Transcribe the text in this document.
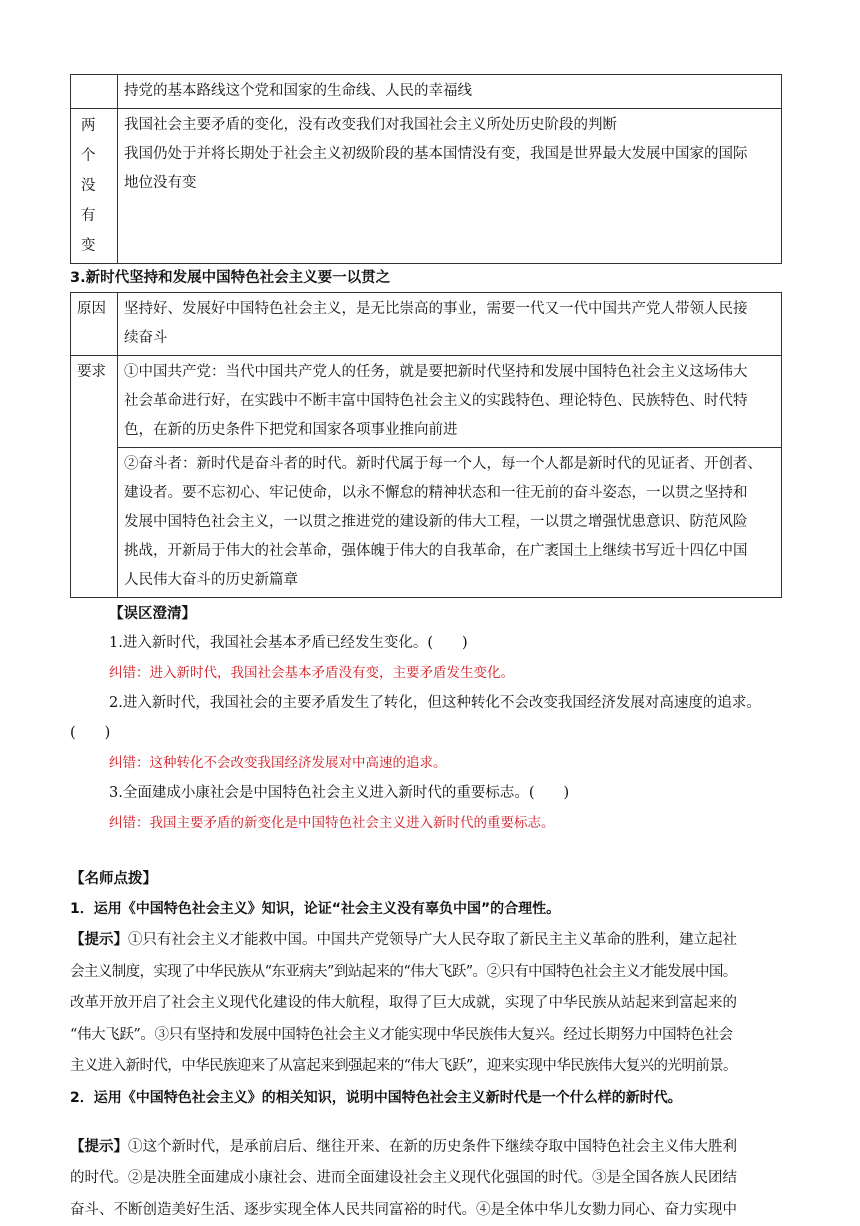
	持党的基本路线这个党和国家的生命线、人民的幸福线

两个没有变	我国社会主要矛盾的变化，没有改变我们对我国社会主义所处历史阶段的判断
我国仍处于并将长期处于社会主义初级阶段的基本国情没有变，我国是世界最大发展中国家的国际
地位没有变
3.新时代坚持和发展中国特色社会主义要一以贯之
原因	坚持好、发展好中国特色社会主义，是无比崇高的事业，需要一代又一代中国共产党人带领人民接
续奋斗

要求	①中国共产党：当代中国共产党人的任务，就是要把新时代坚持和发展中国特色社会主义这场伟大
社会革命进行好，在实践中不断丰富中国特色社会主义的实践特色、理论特色、民族特色、时代特
色，在新的历史条件下把党和国家各项事业推向前进

	②奋斗者：新时代是奋斗者的时代。新时代属于每一个人，每一个人都是新时代的见证者、开创者、
建设者。要不忘初心、牢记使命，以永不懈怠的精神状态和一往无前的奋斗姿态，一以贯之坚持和
发展中国特色社会主义，一以贯之推进党的建设新的伟大工程，一以贯之增强忧患意识、防范风险
挑战，开新局于伟大的社会革命，强体魄于伟大的自我革命，在广袤国土上继续书写近十四亿中国
人民伟大奋斗的历史新篇章
【误区澄清】
1.进入新时代，我国社会基本矛盾已经发生变化。(　　)
纠错：进入新时代，我国社会基本矛盾没有变，主要矛盾发生变化。
2.进入新时代，我国社会的主要矛盾发生了转化，但这种转化不会改变我国经济发展对高速度的追求。
(　　)
纠错：这种转化不会改变我国经济发展对中高速的追求。
3.全面建成小康社会是中国特色社会主义进入新时代的重要标志。(　　)
纠错：我国主要矛盾的新变化是中国特色社会主义进入新时代的重要标志。
【名师点拨】
1．运用《中国特色社会主义》知识，论证“社会主义没有辜负中国”的合理性。
【提示】①只有社会主义才能救中国。中国共产党领导广大人民夺取了新民主主义革命的胜利，建立起社
会主义制度，实现了中华民族从“东亚病夫”到站起来的“伟大飞跃”。②只有中国特色社会主义才能发展中国。
改革开放开启了社会主义现代化建设的伟大航程，取得了巨大成就，实现了中华民族从站起来到富起来的
“伟大飞跃”。③只有坚持和发展中国特色社会主义才能实现中华民族伟大复兴。经过长期努力中国特色社会
主义进入新时代，中华民族迎来了从富起来到强起来的“伟大飞跃”，迎来实现中华民族伟大复兴的光明前景。
2．运用《中国特色社会主义》的相关知识，说明中国特色社会主义新时代是一个什么样的新时代。
【提示】①这个新时代，是承前启后、继往开来、在新的历史条件下继续夺取中国特色社会主义伟大胜利
的时代。②是决胜全面建成小康社会、进而全面建设社会主义现代化强国的时代。③是全国各族人民团结
奋斗、不断创造美好生活、逐步实现全体人民共同富裕的时代。④是全体中华儿女勠力同心、奋力实现中
